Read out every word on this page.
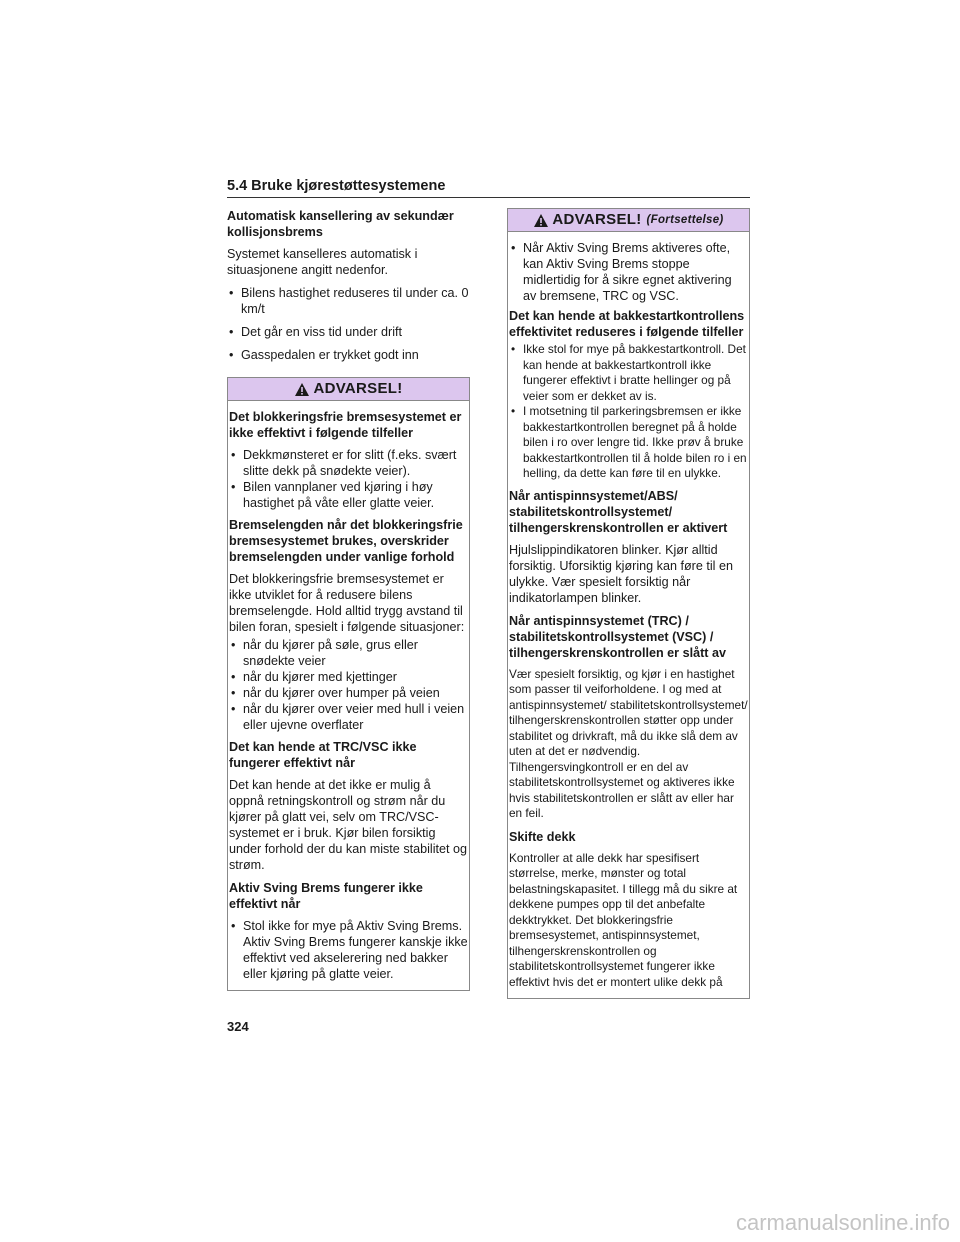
5.4 Bruke kjørestøttesystemene
Automatisk kansellering av sekundær kollisjonsbrems

Systemet kanselleres automatisk i situasjonene angitt nedenfor.

• Bilens hastighet reduseres til under ca. 0 km/t
• Det går en viss tid under drift
• Gasspedalen er trykket godt inn
ADVARSEL!
Det blokkeringsfrie bremsesystemet er ikke effektivt i følgende tilfeller
• Dekkmønsteret er for slitt (f.eks. svært slitte dekk på snødekte veier).
• Bilen vannplaner ved kjøring i høy hastighet på våte eller glatte veier.
Bremselengden når det blokkeringsfrie bremsesystemet brukes, overskrider bremselengden under vanlige forhold

Det blokkeringsfrie bremsesystemet er ikke utviklet for å redusere bilens bremselengde. Hold alltid trygg avstand til bilen foran, spesielt i følgende situasjoner:

• når du kjører på søle, grus eller snødekte veier
• når du kjører med kjettinger
• når du kjører over humper på veien
• når du kjører over veier med hull i veien eller ujevne overflater
Det kan hende at TRC/VSC ikke fungerer effektivt når

Det kan hende at det ikke er mulig å oppnå retningskontroll og strøm når du kjører på glatt vei, selv om TRC/VSC-systemet er i bruk. Kjør bilen forsiktig under forhold der du kan miste stabilitet og strøm.

Aktiv Sving Brems fungerer ikke effektivt når
• Stol ikke for mye på Aktiv Sving Brems. Aktiv Sving Brems fungerer kanskje ikke effektivt ved akselerering ned bakker eller kjøring på glatte veier.
ADVARSEL! (Fortsettelse)
• Når Aktiv Sving Brems aktiveres ofte, kan Aktiv Sving Brems stoppe midlertidig for å sikre egnet aktivering av bremsene, TRC og VSC.
Det kan hende at bakkestartkontrollens effektivitet reduseres i følgende tilfeller
• Ikke stol for mye på bakkestartkontroll. Det kan hende at bakkestartkontroll ikke fungerer effektivt i bratte hellinger og på veier som er dekket av is.
• I motsetning til parkeringsbremsen er ikke bakkestartkontrollen beregnet på å holde bilen i ro over lengre tid. Ikke prøv å bruke bakkestartkontrollen til å holde bilen ro i en helling, da dette kan føre til en ulykke.
Når antispinnsystemet/ABS/ stabilitetskontrollsystemet/ tilhengerskrenskontrollen er aktivert

Hjulslippindikatoren blinker. Kjør alltid forsiktig. Uforsiktig kjøring kan føre til en ulykke. Vær spesielt forsiktig når indikatorlampen blinker.

Når antispinnsystemet (TRC) / stabilitetskontrollsystemet (VSC) / tilhengerskrenskontrollen er slått av

Vær spesielt forsiktig, og kjør i en hastighet som passer til veiforholdene. I og med at antispinnsystemet/ stabilitetskontrollsystemet/ tilhengerskrenskontrollen støtter opp under stabilitet og drivkraft, må du ikke slå dem av uten at det er nødvendig. Tilhengersvingkontroll er en del av stabilitetskontrollsystemet og aktiveres ikke hvis stabilitetskontrollen er slått av eller har en feil.

Skifte dekk

Kontroller at alle dekk har spesifisert størrelse, merke, mønster og total belastningskapasitet. I tillegg må du sikre at dekkene pumpes opp til det anbefalte dekktrykket. Det blokkeringsfrie bremsesystemet, antispinnsystemet, tilhengerskrenskontrollen og stabilitetskontrollsystemet fungerer ikke effektivt hvis det er montert ulike dekk på

324
carmanualsonline.info
